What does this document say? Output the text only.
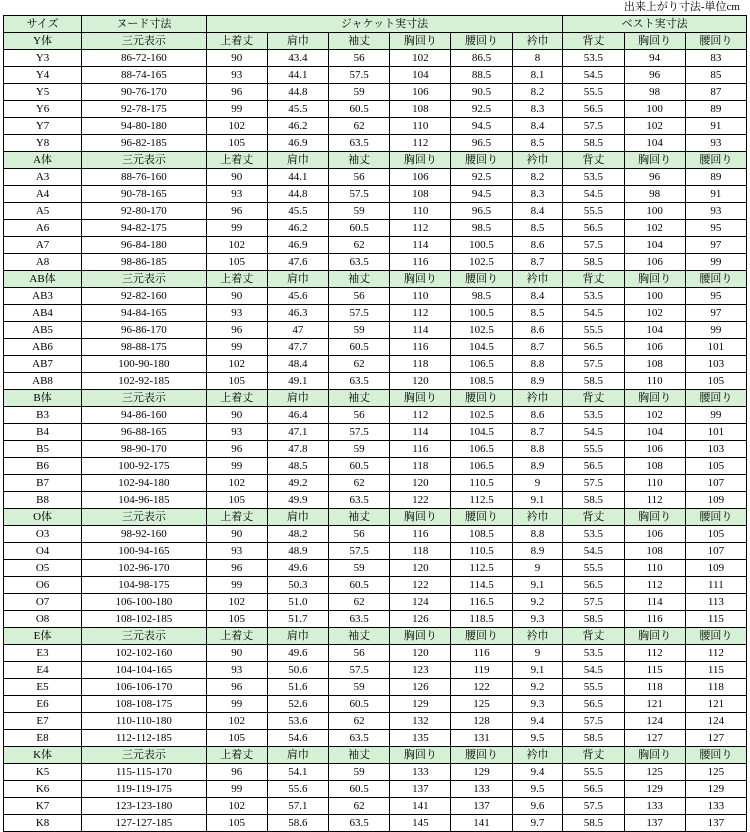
出来上がり寸法-単位cm
サイズ	ヌード寸法	ジャケット実寸法						ベスト実寸法		
Y体	三元表示	上着丈	肩巾	袖丈	胸回り	腰回り	衿巾	背丈	胸回り	腰回り
Y3	86-72-160	90	43.4	56	102	86.5	8	53.5	94	83
Y4	88-74-165	93	44.1	57.5	104	88.5	8.1	54.5	96	85
Y5	90-76-170	96	44.8	59	106	90.5	8.2	55.5	98	87
Y6	92-78-175	99	45.5	60.5	108	92.5	8.3	56.5	100	89
Y7	94-80-180	102	46.2	62	110	94.5	8.4	57.5	102	91
Y8	96-82-185	105	46.9	63.5	112	96.5	8.5	58.5	104	93
A体	三元表示	上着丈	肩巾	袖丈	胸回り	腰回り	衿巾	背丈	胸回り	腰回り
A3	88-76-160	90	44.1	56	106	92.5	8.2	53.5	96	89
A4	90-78-165	93	44.8	57.5	108	94.5	8.3	54.5	98	91
A5	92-80-170	96	45.5	59	110	96.5	8.4	55.5	100	93
A6	94-82-175	99	46.2	60.5	112	98.5	8.5	56.5	102	95
A7	96-84-180	102	46.9	62	114	100.5	8.6	57.5	104	97
A8	98-86-185	105	47.6	63.5	116	102.5	8.7	58.5	106	99
AB体	三元表示	上着丈	肩巾	袖丈	胸回り	腰回り	衿巾	背丈	胸回り	腰回り
AB3	92-82-160	90	45.6	56	110	98.5	8.4	53.5	100	95
AB4	94-84-165	93	46.3	57.5	112	100.5	8.5	54.5	102	97
AB5	96-86-170	96	47	59	114	102.5	8.6	55.5	104	99
AB6	98-88-175	99	47.7	60.5	116	104.5	8.7	56.5	106	101
AB7	100-90-180	102	48.4	62	118	106.5	8.8	57.5	108	103
AB8	102-92-185	105	49.1	63.5	120	108.5	8.9	58.5	110	105
B体	三元表示	上着丈	肩巾	袖丈	胸回り	腰回り	衿巾	背丈	胸回り	腰回り
B3	94-86-160	90	46.4	56	112	102.5	8.6	53.5	102	99
B4	96-88-165	93	47.1	57.5	114	104.5	8.7	54.5	104	101
B5	98-90-170	96	47.8	59	116	106.5	8.8	55.5	106	103
B6	100-92-175	99	48.5	60.5	118	106.5	8.9	56.5	108	105
B7	102-94-180	102	49.2	62	120	110.5	9	57.5	110	107
B8	104-96-185	105	49.9	63.5	122	112.5	9.1	58.5	112	109
O体	三元表示	上着丈	肩巾	袖丈	胸回り	腰回り	衿巾	背丈	胸回り	腰回り
O3	98-92-160	90	48.2	56	116	108.5	8.8	53.5	106	105
O4	100-94-165	93	48.9	57.5	118	110.5	8.9	54.5	108	107
O5	102-96-170	96	49.6	59	120	112.5	9	55.5	110	109
O6	104-98-175	99	50.3	60.5	122	114.5	9.1	56.5	112	111
O7	106-100-180	102	51.0	62	124	116.5	9.2	57.5	114	113
O8	108-102-185	105	51.7	63.5	126	118.5	9.3	58.5	116	115
E体	三元表示	上着丈	肩巾	袖丈	胸回り	腰回り	衿巾	背丈	胸回り	腰回り
E3	102-102-160	90	49.6	56	120	116	9	53.5	112	112
E4	104-104-165	93	50.6	57.5	123	119	9.1	54.5	115	115
E5	106-106-170	96	51.6	59	126	122	9.2	55.5	118	118
E6	108-108-175	99	52.6	60.5	129	125	9.3	56.5	121	121
E7	110-110-180	102	53.6	62	132	128	9.4	57.5	124	124
E8	112-112-185	105	54.6	63.5	135	131	9.5	58.5	127	127
K体	三元表示	上着丈	肩巾	袖丈	胸回り	腰回り	衿巾	背丈	胸回り	腰回り
K5	115-115-170	96	54.1	59	133	129	9.4	55.5	125	125
K6	119-119-175	99	55.6	60.5	137	133	9.5	56.5	129	129
K7	123-123-180	102	57.1	62	141	137	9.6	57.5	133	133
K8	127-127-185	105	58.6	63.5	145	141	9.7	58.5	137	137
